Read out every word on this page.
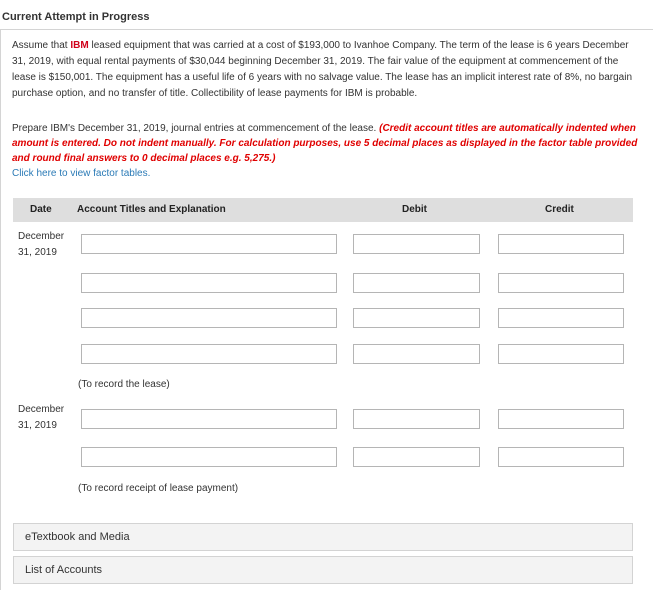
Current Attempt in Progress

Assume that IBM leased equipment that was carried at a cost of $193,000 to Ivanhoe Company. The term of the lease is 6 years December 31, 2019, with equal rental payments of $30,044 beginning December 31, 2019. The fair value of the equipment at commencement of the lease is $150,001. The equipment has a useful life of 6 years with no salvage value. The lease has an implicit interest rate of 8%, no bargain purchase option, and no transfer of title. Collectibility of lease payments for IBM is probable.

Prepare IBM's December 31, 2019, journal entries at commencement of the lease. (Credit account titles are automatically indented when amount is entered. Do not indent manually. For calculation purposes, use 5 decimal places as displayed in the factor table provided and round final answers to 0 decimal places e.g. 5,275.)

Click here to view factor tables.
Date	Account Titles and Explanation	Debit	Credit
December
31, 2019
(To record the lease)
December
31, 2019
(To record receipt of lease payment)
eTextbook and Media
List of Accounts
